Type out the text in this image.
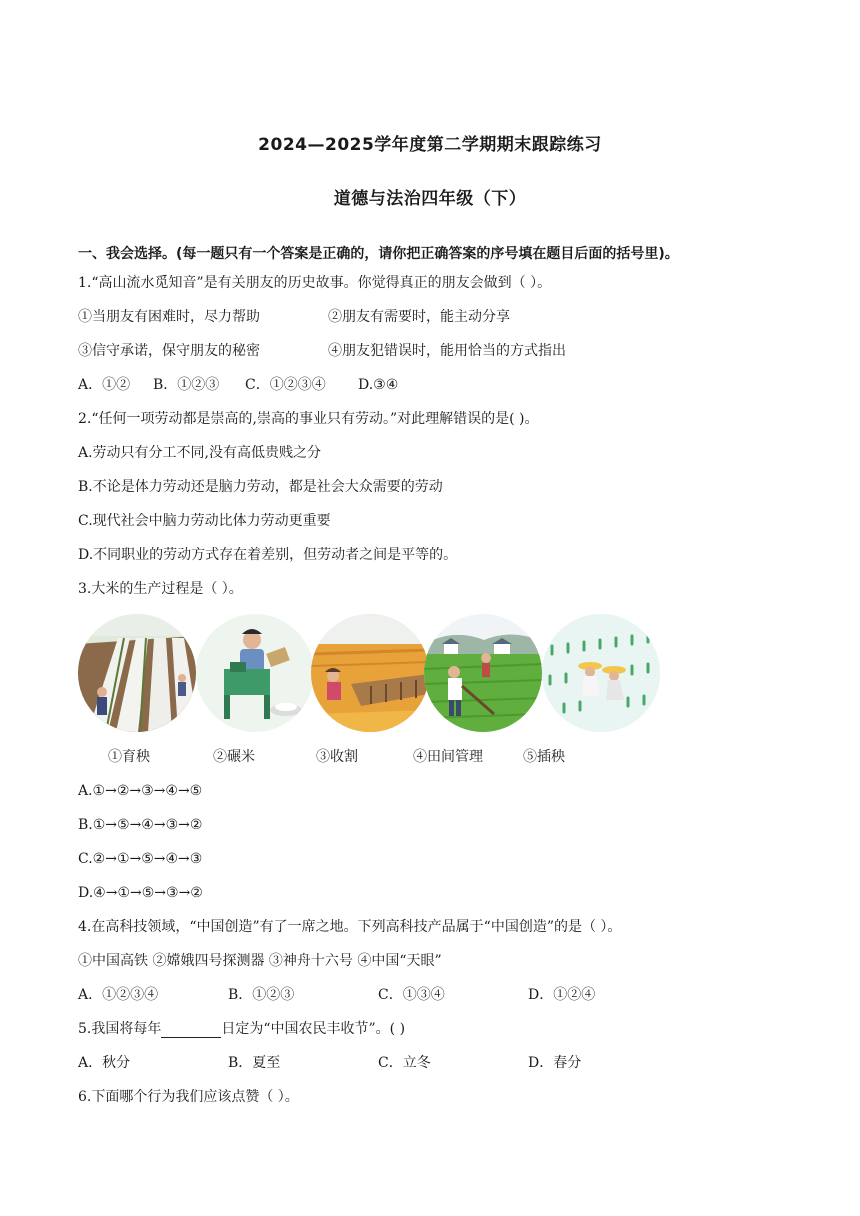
2024—2025学年度第二学期期末跟踪练习
道德与法治四年级（下）
一、我会选择。(每一题只有一个答案是正确的，请你把正确答案的序号填在题目后面的括号里)。
1.“高山流水觅知音”是有关朋友的历史故事。你觉得真正的朋友会做到（ ）。
①当朋友有困难时，尽力帮助	②朋友有需要时，能主动分享
③信守承诺，保守朋友的秘密	④朋友犯错误时，能用恰当的方式指出
A．①② B．①②③ C．①②③④ D.③④
2.“任何一项劳动都是崇高的,崇高的事业只有劳动。”对此理解错误的是( )。
A.劳动只有分工不同,没有高低贵贱之分
B.不论是体力劳动还是脑力劳动，都是社会大众需要的劳动
C.现代社会中脑力劳动比体力劳动更重要
D.不同职业的劳动方式存在着差别，但劳动者之间是平等的。
3.大米的生产过程是（ ）。
①育秧	②碾米	③收割	④田间管理	⑤插秧
A.①→②→③→④→⑤
B.①→⑤→④→③→②
C.②→①→⑤→④→③
D.④→①→⑤→③→②
4.在高科技领域，“中国创造”有了一席之地。下列高科技产品属于“中国创造”的是（ ）。
①中国高铁 ②嫦娥四号探测器 ③神舟十六号 ④中国“天眼”
A．①②③④	B．①②③	C．①③④	D．①②④
5.我国将每年	日定为“中国农民丰收节”。( )
A．秋分	B．夏至	C．立冬	D．春分
6.下面哪个行为我们应该点赞（ ）。
